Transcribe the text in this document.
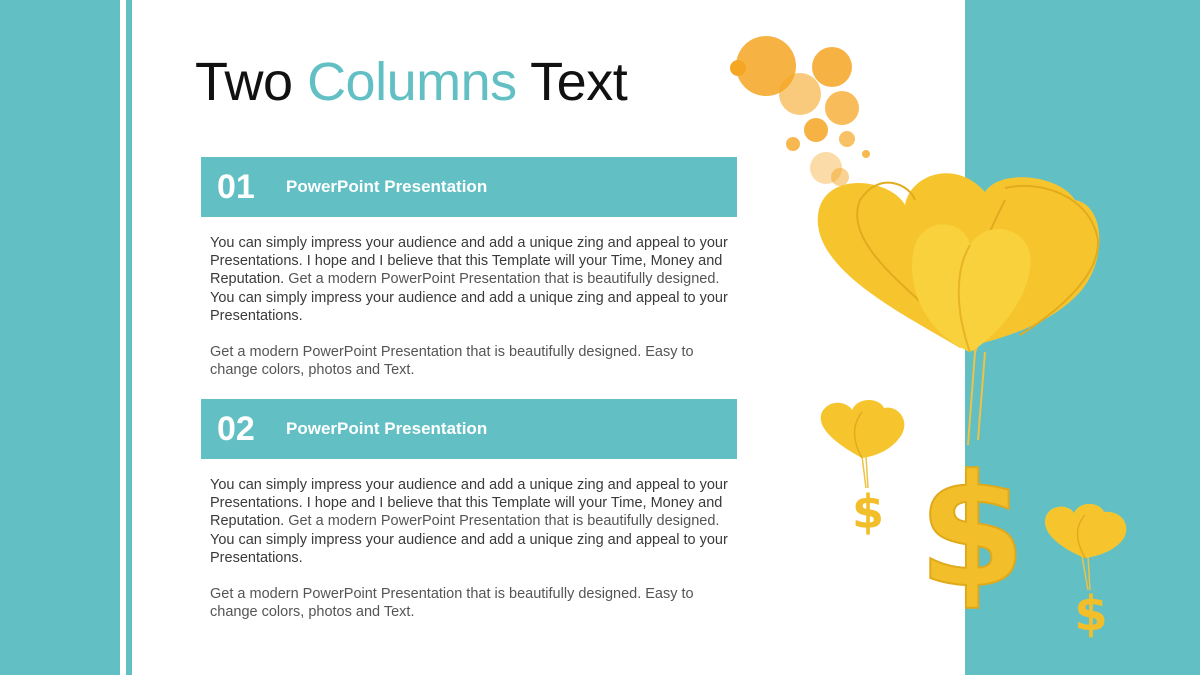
Two Columns Text
01 PowerPoint Presentation

You can simply impress your audience and add a unique zing and appeal to your Presentations. I hope and I believe that this Template will your Time, Money and Reputation. Get a modern PowerPoint Presentation that is beautifully designed. You can simply impress your audience and add a unique zing and appeal to your Presentations.

Get a modern PowerPoint Presentation that is beautifully designed. Easy to change colors, photos and Text.

02 PowerPoint Presentation

You can simply impress your audience and add a unique zing and appeal to your Presentations. I hope and I believe that this Template will your Time, Money and Reputation. Get a modern PowerPoint Presentation that is beautifully designed. You can simply impress your audience and add a unique zing and appeal to your Presentations.

Get a modern PowerPoint Presentation that is beautifully designed. Easy to change colors, photos and Text.	$
$
$
